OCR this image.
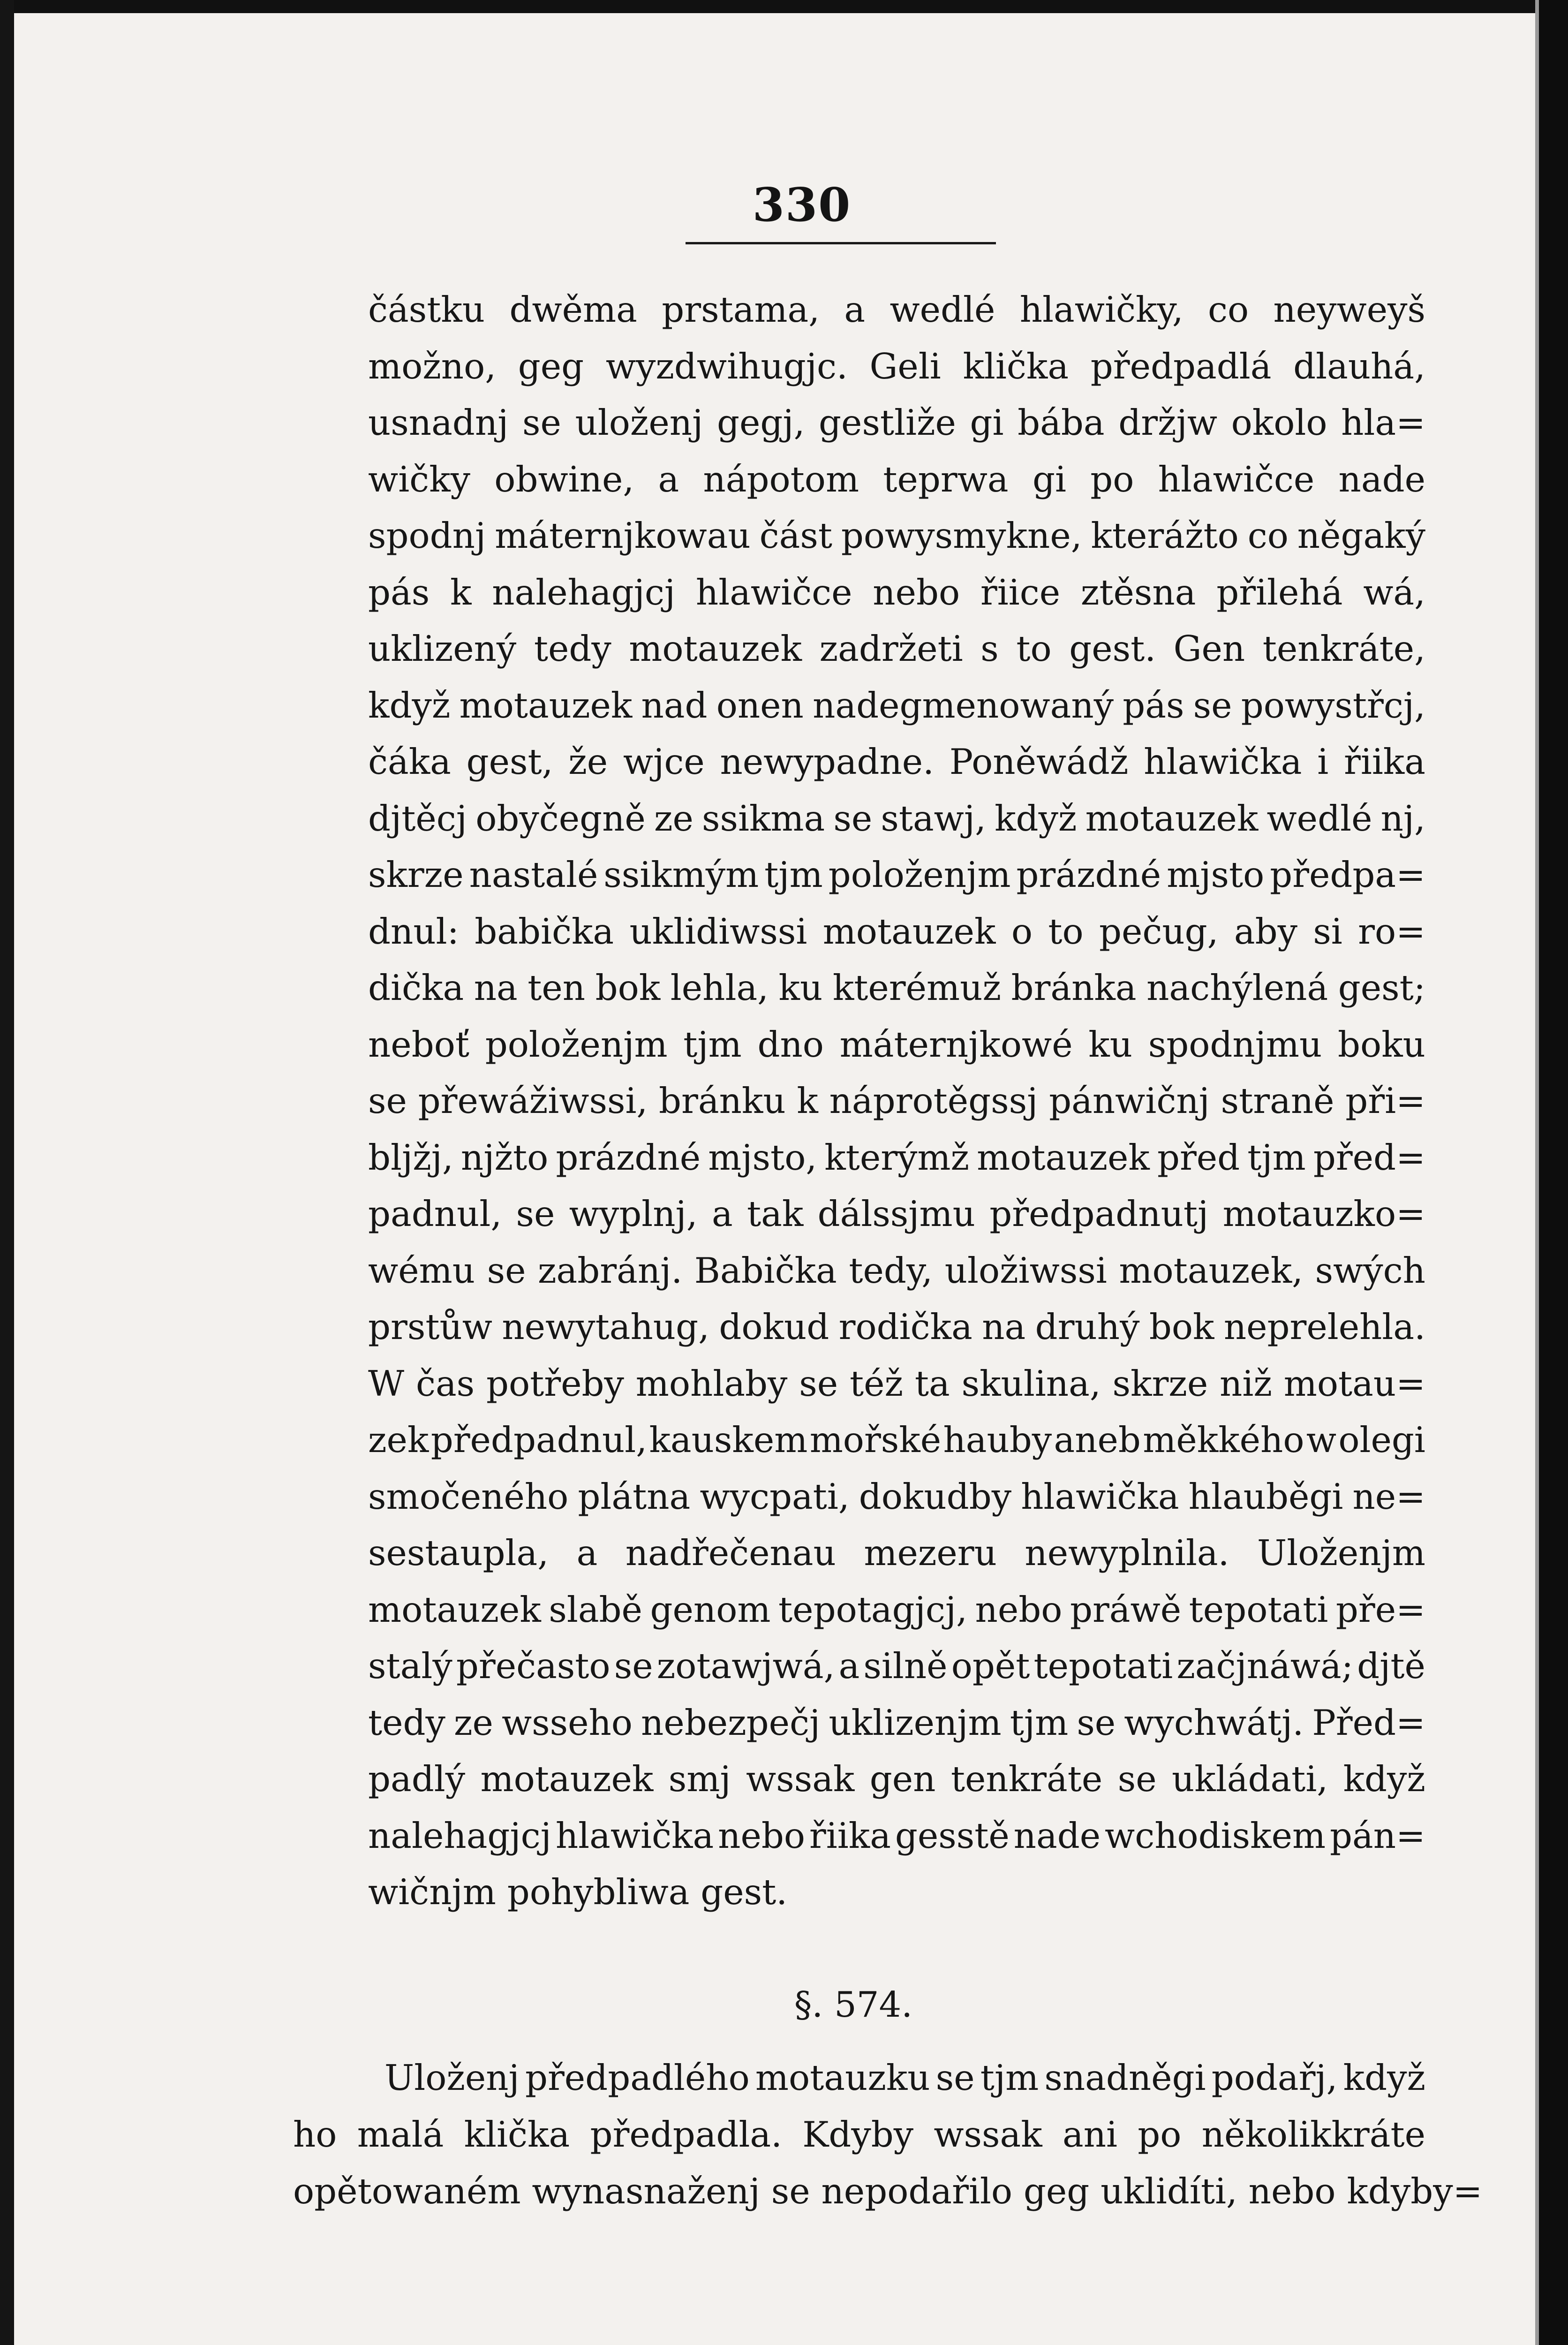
330
částku dwěma prstama, a wedlé hlawičky, co neyweyš
možno, geg wyzdwihugjc. Geli klička předpadlá dlauhá,
usnadnj se uloženj gegj, gestliže gi bába držjw okolo hla=
wičky obwine, a nápotom teprwa gi po hlawičce nade
spodnj máternjkowau část powysmykne, kterážto co něgaký
pás k nalehagjcj hlawičce nebo řiice ztěsna přilehá wá,
uklizený tedy motauzek zadržeti s to gest. Gen tenkráte,
když motauzek nad onen nadegmenowaný pás se powystřcj,
čáka gest, že wjce newypadne. Poněwádž hlawička i řiika
djtěcj obyčegně ze ssikma se stawj, když motauzek wedlé nj,
skrze nastalé ssikmým tjm položenjm prázdné mjsto předpa=
dnul: babička uklidiwssi motauzek o to pečug, aby si ro=
dička na ten bok lehla, ku kterémuž bránka nachýlená gest;
neboť položenjm tjm dno máternjkowé ku spodnjmu boku
se přewážiwssi, bránku k náprotěgssj pánwičnj straně při=
bljžj, njžto prázdné mjsto, kterýmž motauzek před tjm před=
padnul, se wyplnj, a tak dálssjmu předpadnutj motauzko=
wému se zabránj. Babička tedy, uložiwssi motauzek, swých
prstůw newytahug, dokud rodička na druhý bok neprelehla.
W čas potřeby mohlaby se též ta skulina, skrze niž motau=
zek předpadnul, kauskem mořské hauby aneb měkkého w olegi
smočeného plátna wycpati, dokudby hlawička hlauběgi ne=
sestaupla, a nadřečenau mezeru newyplnila. Uloženjm
motauzek slabě genom tepotagjcj, nebo práwě tepotati pře=
stalý přečasto se zotawjwá, a silně opět tepotati začjnáwá; djtě
tedy ze wsseho nebezpečj uklizenjm tjm se wychwátj. Před=
padlý motauzek smj wssak gen tenkráte se ukládati, když
nalehagjcj hlawička nebo řiika gesstě nade wchodiskem pán=
wičnjm pohybliwa gest.
§. 574.
Uloženj předpadlého motauzku se tjm snadněgi podařj, když
ho malá klička předpadla. Kdyby wssak ani po několikkráte
opětowaném wynasnaženj se nepodařilo geg uklidíti, nebo kdyby=
